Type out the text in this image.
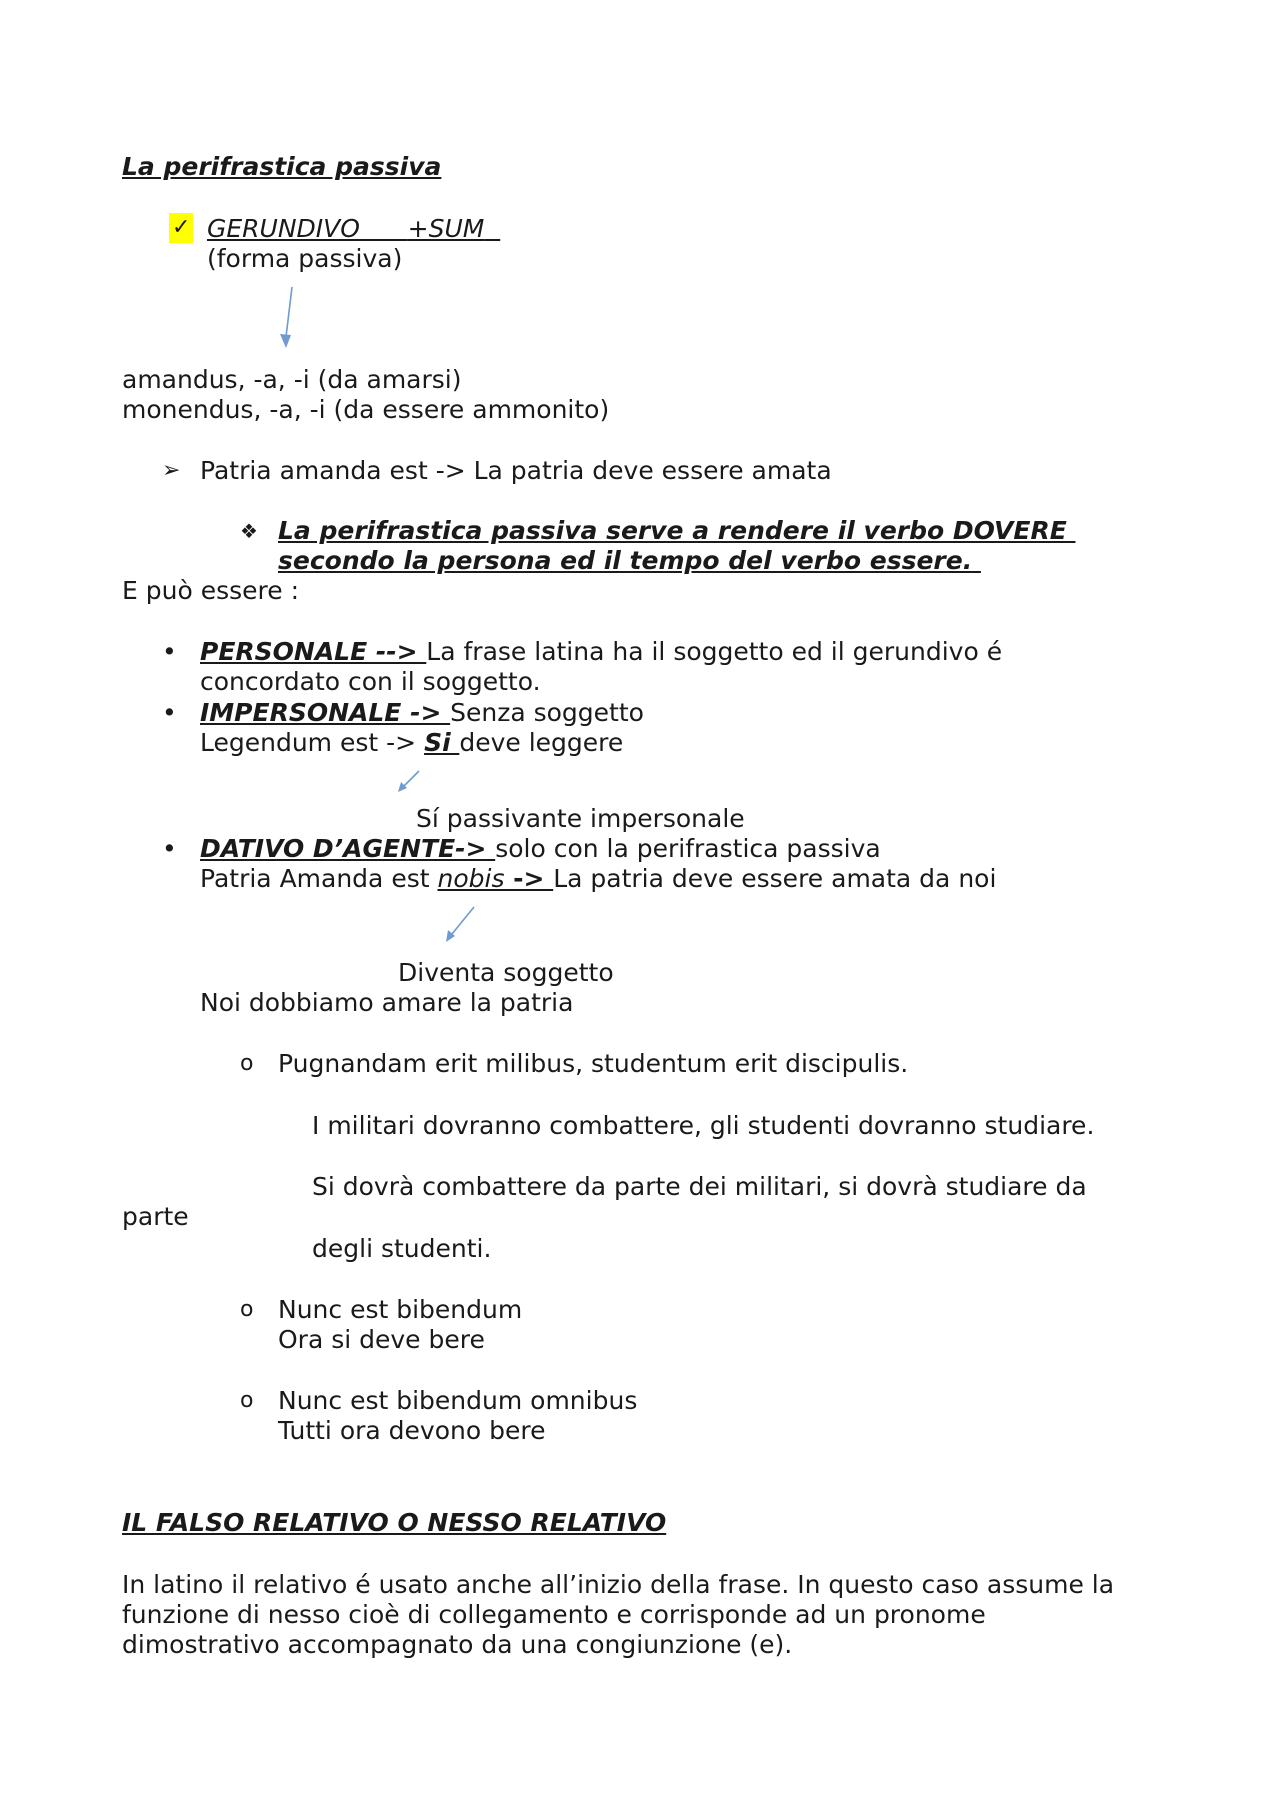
La perifrastica passiva

✓ GERUNDIVO +SUM

(forma passiva)

amandus, -a, -i (da amarsi)

monendus, -a, -i (da essere ammonito)

➢ Patria amanda est -> La patria deve essere amata

❖ La perifrastica passiva serve a rendere il verbo DOVERE

secondo la persona ed il tempo del verbo essere.

E può essere :

• PERSONALE --> La frase latina ha il soggetto ed il gerundivo é

concordato con il soggetto.

• IMPERSONALE -> Senza soggetto

Legendum est -> Si deve leggere

Sí passivante impersonale

• DATIVO D’AGENTE-> solo con la perifrastica passiva

Patria Amanda est nobis -> La patria deve essere amata da noi

Diventa soggetto

Noi dobbiamo amare la patria

o Pugnandam erit milibus, studentum erit discipulis.

I militari dovranno combattere, gli studenti dovranno studiare.

Si dovrà combattere da parte dei militari, si dovrà studiare da

parte

degli studenti.

o Nunc est bibendum

Ora si deve bere

o Nunc est bibendum omnibus

Tutti ora devono bere

IL FALSO RELATIVO O NESSO RELATIVO

In latino il relativo é usato anche all’inizio della frase. In questo caso assume la

funzione di nesso cioè di collegamento e corrisponde ad un pronome

dimostrativo accompagnato da una congiunzione (e).
